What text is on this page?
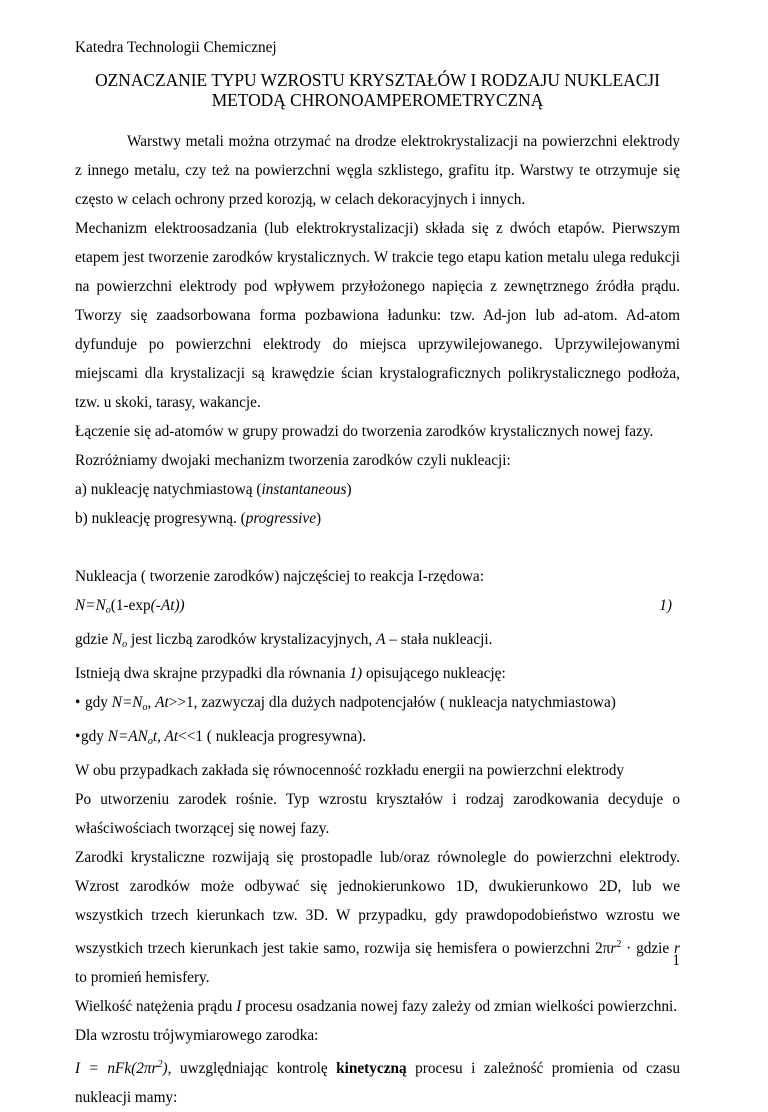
Katedra Technologii Chemicznej
OZNACZANIE TYPU WZROSTU KRYSZTAŁÓW I RODZAJU NUKLEACJI
METODĄ CHRONOAMPEROMETRYCZNĄ

Warstwy metali można otrzymać na drodze elektrokrystalizacji na powierzchni elektrody z innego metalu, czy też na powierzchni węgla szklistego, grafitu itp. Warstwy te otrzymuje się często w celach ochrony przed korozją, w celach dekoracyjnych i innych.

Mechanizm elektroosadzania (lub elektrokrystalizacji) składa się z dwóch etapów. Pierwszym etapem jest tworzenie zarodków krystalicznych. W trakcie tego etapu kation metalu ulega redukcji na powierzchni elektrody pod wpływem przyłożonego napięcia z zewnętrznego źródła prądu. Tworzy się zaadsorbowana forma pozbawiona ładunku: tzw. Ad-jon lub ad-atom. Ad-atom dyfunduje po powierzchni elektrody do miejsca uprzywilejowanego. Uprzywilejowanymi miejscami dla krystalizacji są krawędzie ścian krystalograficznych polikrystalicznego podłoża, tzw. u skoki, tarasy, wakancje.

Łączenie się ad-atomów w grupy prowadzi do tworzenia zarodków krystalicznych nowej fazy.

Rozróżniamy dwojaki mechanizm tworzenia zarodków czyli nukleacji:

a) nukleację natychmiastową (instantaneous)

b) nukleację progresywną. (progressive)

Nukleacja ( tworzenie zarodków) najczęściej to reakcja I-rzędowa:

$N=N_o(1-\exp(-At))$	1)

gdzie $N_o$ jest liczbą zarodków krystalizacyjnych, A – stała nukleacji.

Istnieją dwa skrajne przypadki dla równania 1) opisującego nukleację:

• gdy $N=N_o$, At>>1, zazwyczaj dla dużych nadpotencjałów ( nukleacja natychmiastowa)

•gdy $N=AN_ot$, At<<1 ( nukleacja progresywna).

W obu przypadkach zakłada się równocenność rozkładu energii na powierzchni elektrody

Po utworzeniu zarodek rośnie. Typ wzrostu kryształów i rodzaj zarodkowania decyduje o właściwościach tworzącej się nowej fazy.

Zarodki krystaliczne rozwijają się prostopadle lub/oraz równolegle do powierzchni elektrody. Wzrost zarodków może odbywać się jednokierunkowo 1D, dwukierunkowo 2D, lub we wszystkich trzech kierunkach tzw. 3D. W przypadku, gdy prawdopodobieństwo wzrostu we wszystkich trzech kierunkach jest takie samo, rozwija się hemisfera o powierzchni $2\pi r^2$ · gdzie r to promień hemisfery.

Wielkość natężenia prądu I procesu osadzania nowej fazy zależy od zmian wielkości powierzchni.

Dla wzrostu trójwymiarowego zarodka:

$I = nFk(2\pi r^2)$, uwzględniając kontrolę kinetyczną procesu i zależność promienia od czasu nukleacji mamy:

1
